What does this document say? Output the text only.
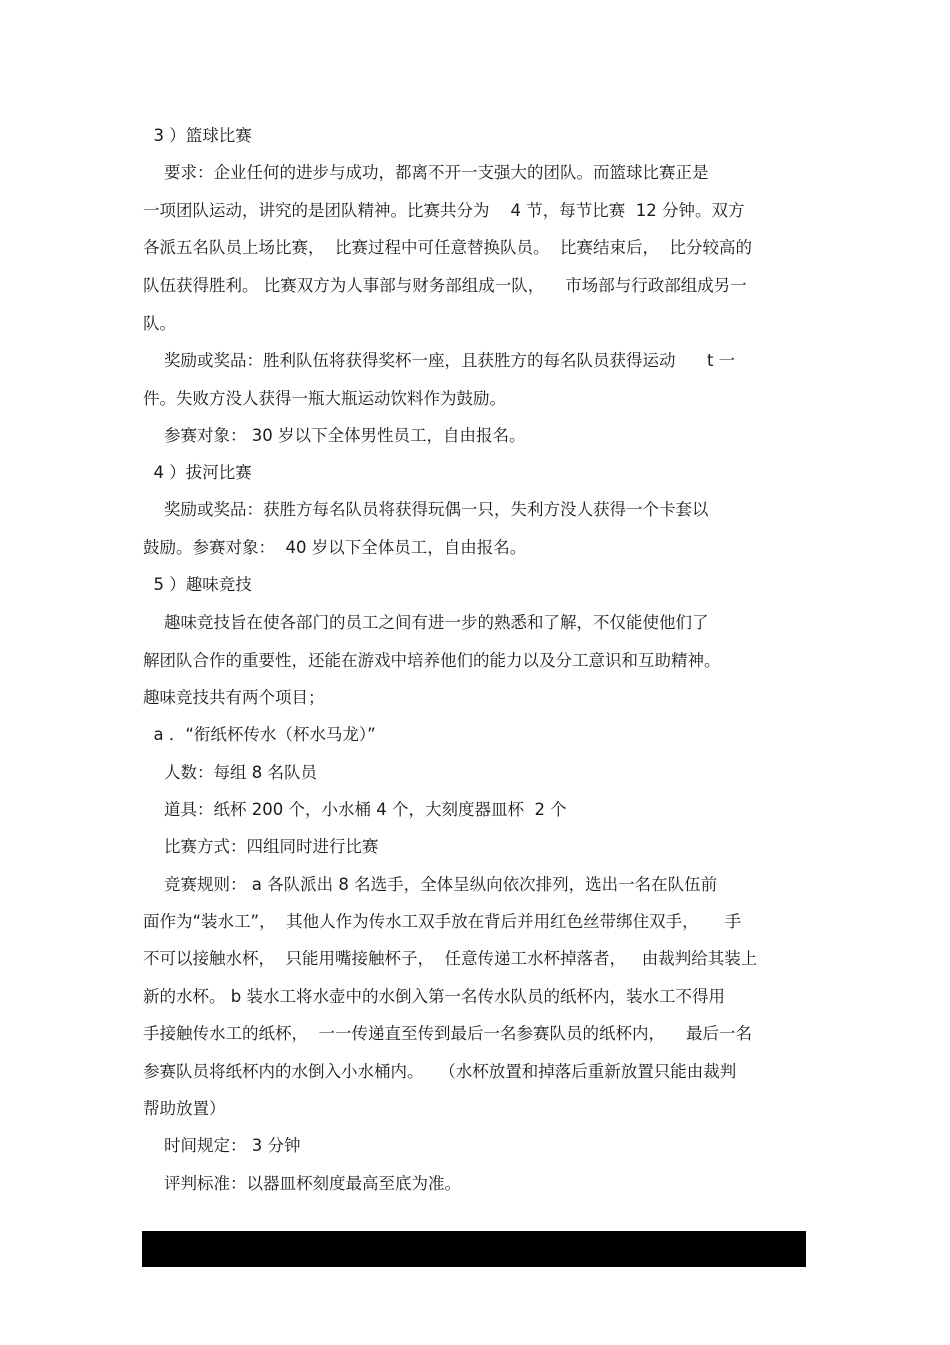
3 ）篮球比赛
要求：企业任何的进步与成功，都离不开一支强大的团队。而篮球比赛正是
一项团队运动，讲究的是团队精神。比赛共分为    4 节，每节比赛  12 分钟。双方
各派五名队员上场比赛，  比赛过程中可任意替换队员。  比赛结束后，  比分较高的
队伍获得胜利。 比赛双方为人事部与财务部组成一队，    市场部与行政部组成另一
队。
奖励或奖品：胜利队伍将获得奖杯一座，且获胜方的每名队员获得运动      t 一
件。失败方没人获得一瓶大瓶运动饮料作为鼓励。
参赛对象： 30 岁以下全体男性员工，自由报名。
4 ）拔河比赛
奖励或奖品：获胜方每名队员将获得玩偶一只，失利方没人获得一个卡套以
鼓励。参赛对象：  40 岁以下全体员工，自由报名。
5 ）趣味竞技
趣味竞技旨在使各部门的员工之间有进一步的熟悉和了解，不仅能使他们了
解团队合作的重要性，还能在游戏中培养他们的能力以及分工意识和互助精神。
趣味竞技共有两个项目；
a ．“衔纸杯传水（杯水马龙）”
人数：每组 8 名队员
道具：纸杯 200 个，小水桶 4 个，大刻度器皿杯  2 个
比赛方式：四组同时进行比赛
竞赛规则： a 各队派出 8 名选手，全体呈纵向依次排列，选出一名在队伍前
面作为“装水工”，  其他人作为传水工双手放在背后并用红色丝带绑住双手，     手
不可以接触水杯，  只能用嘴接触杯子，  任意传递工水杯掉落者，   由裁判给其装上
新的水杯。 b 装水工将水壶中的水倒入第一名传水队员的纸杯内，装水工不得用
手接触传水工的纸杯，  一一传递直至传到最后一名参赛队员的纸杯内，    最后一名
参赛队员将纸杯内的水倒入小水桶内。   （水杯放置和掉落后重新放置只能由裁判
帮助放置）
时间规定： 3 分钟
评判标准：以器皿杯刻度最高至底为准。
